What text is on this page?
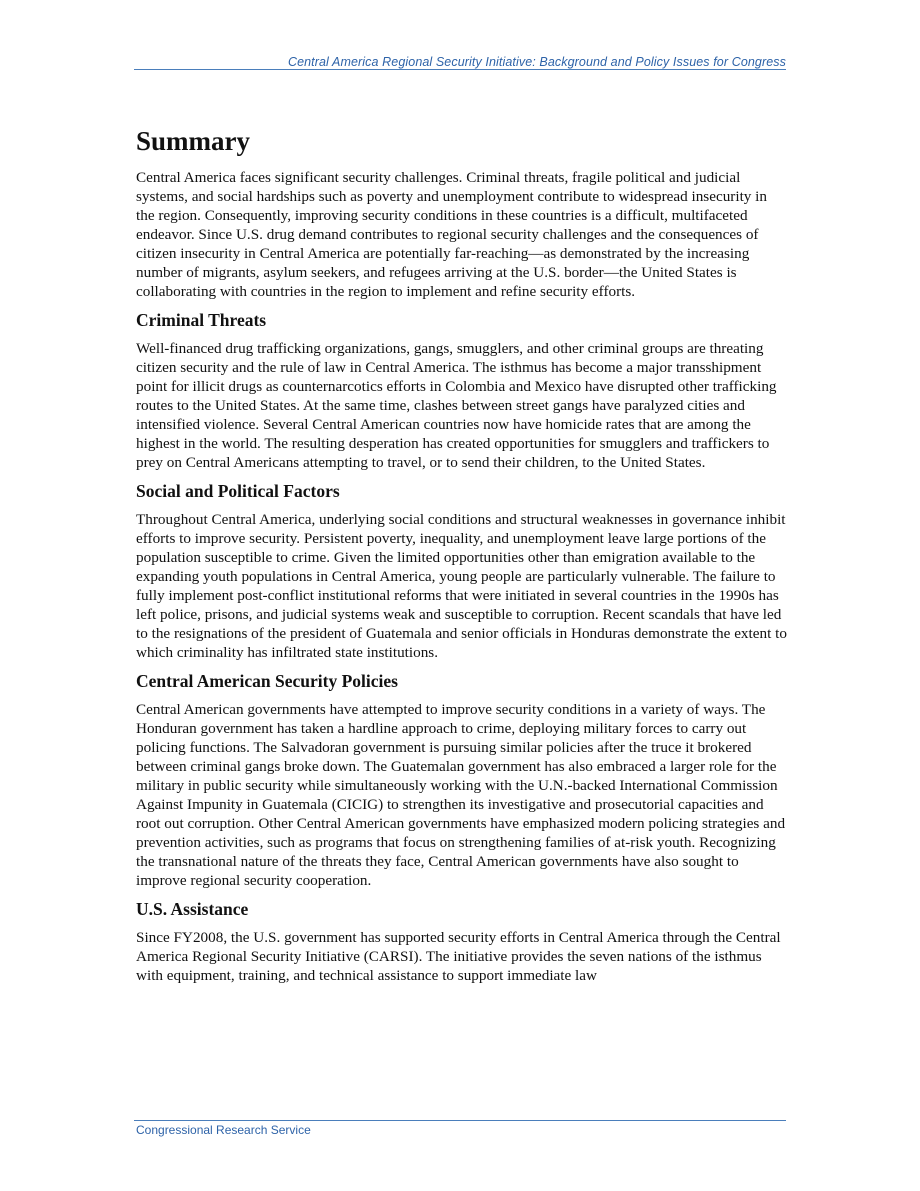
Central America Regional Security Initiative: Background and Policy Issues for Congress
Summary

Central America faces significant security challenges. Criminal threats, fragile political and judicial systems, and social hardships such as poverty and unemployment contribute to widespread insecurity in the region. Consequently, improving security conditions in these countries is a difficult, multifaceted endeavor. Since U.S. drug demand contributes to regional security challenges and the consequences of citizen insecurity in Central America are potentially far-reaching—as demonstrated by the increasing number of migrants, asylum seekers, and refugees arriving at the U.S. border—the United States is collaborating with countries in the region to implement and refine security efforts.

Criminal Threats

Well-financed drug trafficking organizations, gangs, smugglers, and other criminal groups are threating citizen security and the rule of law in Central America. The isthmus has become a major transshipment point for illicit drugs as counternarcotics efforts in Colombia and Mexico have disrupted other trafficking routes to the United States. At the same time, clashes between street gangs have paralyzed cities and intensified violence. Several Central American countries now have homicide rates that are among the highest in the world. The resulting desperation has created opportunities for smugglers and traffickers to prey on Central Americans attempting to travel, or to send their children, to the United States.

Social and Political Factors

Throughout Central America, underlying social conditions and structural weaknesses in governance inhibit efforts to improve security. Persistent poverty, inequality, and unemployment leave large portions of the population susceptible to crime. Given the limited opportunities other than emigration available to the expanding youth populations in Central America, young people are particularly vulnerable. The failure to fully implement post-conflict institutional reforms that were initiated in several countries in the 1990s has left police, prisons, and judicial systems weak and susceptible to corruption. Recent scandals that have led to the resignations of the president of Guatemala and senior officials in Honduras demonstrate the extent to which criminality has infiltrated state institutions.

Central American Security Policies

Central American governments have attempted to improve security conditions in a variety of ways. The Honduran government has taken a hardline approach to crime, deploying military forces to carry out policing functions. The Salvadoran government is pursuing similar policies after the truce it brokered between criminal gangs broke down. The Guatemalan government has also embraced a larger role for the military in public security while simultaneously working with the U.N.-backed International Commission Against Impunity in Guatemala (CICIG) to strengthen its investigative and prosecutorial capacities and root out corruption. Other Central American governments have emphasized modern policing strategies and prevention activities, such as programs that focus on strengthening families of at-risk youth. Recognizing the transnational nature of the threats they face, Central American governments have also sought to improve regional security cooperation.

U.S. Assistance

Since FY2008, the U.S. government has supported security efforts in Central America through the Central America Regional Security Initiative (CARSI). The initiative provides the seven nations of the isthmus with equipment, training, and technical assistance to support immediate law

Congressional Research Service
